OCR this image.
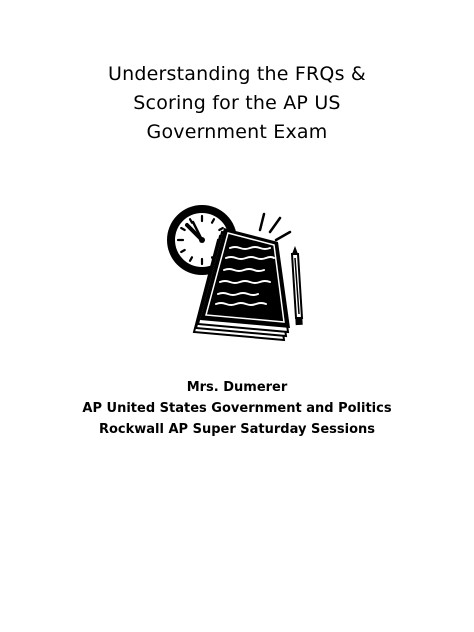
Understanding the FRQs &
Scoring for the AP US
Government Exam
Mrs. Dumerer
AP United States Government and Politics
Rockwall AP Super Saturday Sessions
